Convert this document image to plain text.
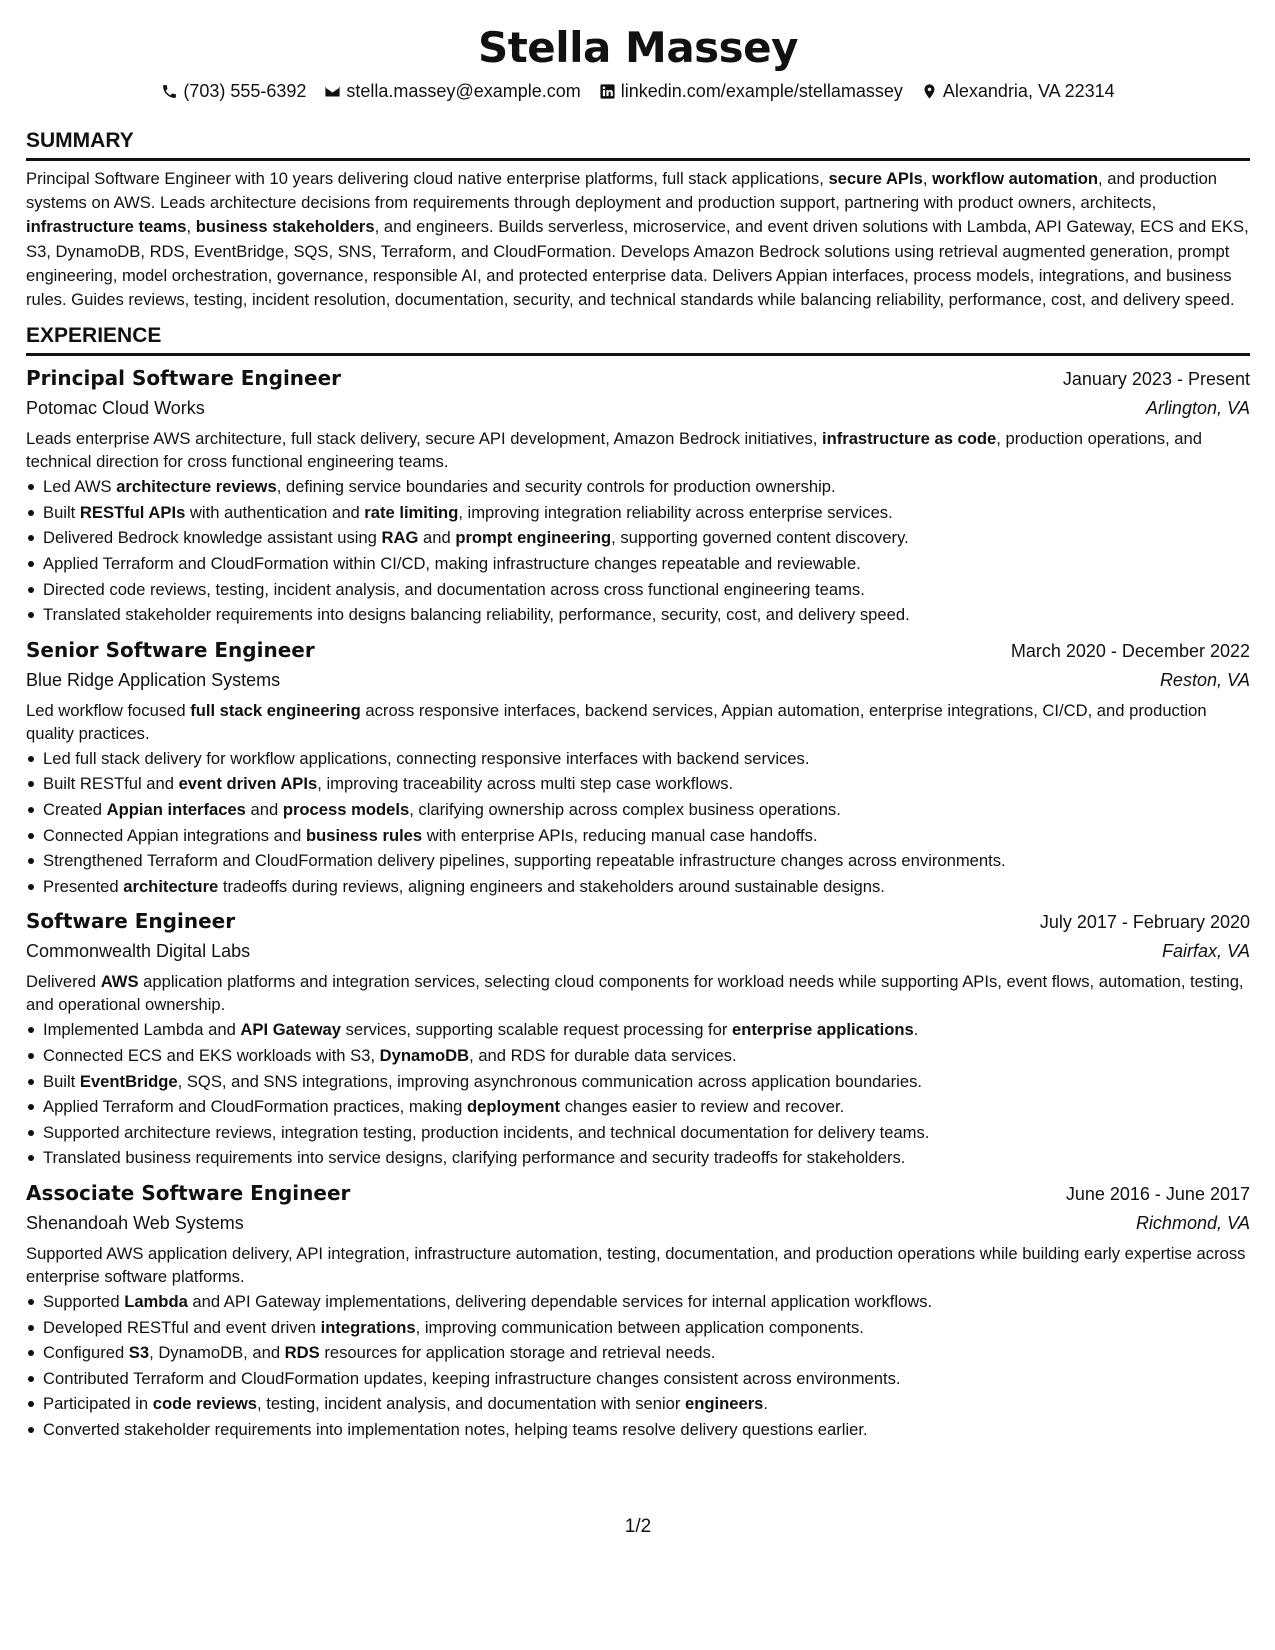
Stella Massey
(703) 555-6392 stella.massey@example.com linkedin.com/example/stellamassey Alexandria, VA 22314
SUMMARY
Principal Software Engineer with 10 years delivering cloud native enterprise platforms, full stack applications, secure APIs, workflow automation, and production systems on AWS. Leads architecture decisions from requirements through deployment and production support, partnering with product owners, architects, infrastructure teams, business stakeholders, and engineers. Builds serverless, microservice, and event driven solutions with Lambda, API Gateway, ECS and EKS, S3, DynamoDB, RDS, EventBridge, SQS, SNS, Terraform, and CloudFormation. Develops Amazon Bedrock solutions using retrieval augmented generation, prompt engineering, model orchestration, governance, responsible AI, and protected enterprise data. Delivers Appian interfaces, process models, integrations, and business rules. Guides reviews, testing, incident resolution, documentation, security, and technical standards while balancing reliability, performance, cost, and delivery speed.
EXPERIENCE
Principal Software Engineer	January 2023 - Present
Potomac Cloud Works	Arlington, VA
Leads enterprise AWS architecture, full stack delivery, secure API development, Amazon Bedrock initiatives, infrastructure as code, production operations, and technical direction for cross functional engineering teams.
Led AWS architecture reviews, defining service boundaries and security controls for production ownership.
Built RESTful APIs with authentication and rate limiting, improving integration reliability across enterprise services.
Delivered Bedrock knowledge assistant using RAG and prompt engineering, supporting governed content discovery.
Applied Terraform and CloudFormation within CI/CD, making infrastructure changes repeatable and reviewable.
Directed code reviews, testing, incident analysis, and documentation across cross functional engineering teams.
Translated stakeholder requirements into designs balancing reliability, performance, security, cost, and delivery speed.
Senior Software Engineer	March 2020 - December 2022
Blue Ridge Application Systems	Reston, VA
Led workflow focused full stack engineering across responsive interfaces, backend services, Appian automation, enterprise integrations, CI/CD, and production quality practices.
Led full stack delivery for workflow applications, connecting responsive interfaces with backend services.
Built RESTful and event driven APIs, improving traceability across multi step case workflows.
Created Appian interfaces and process models, clarifying ownership across complex business operations.
Connected Appian integrations and business rules with enterprise APIs, reducing manual case handoffs.
Strengthened Terraform and CloudFormation delivery pipelines, supporting repeatable infrastructure changes across environments.
Presented architecture tradeoffs during reviews, aligning engineers and stakeholders around sustainable designs.
Software Engineer	July 2017 - February 2020
Commonwealth Digital Labs	Fairfax, VA
Delivered AWS application platforms and integration services, selecting cloud components for workload needs while supporting APIs, event flows, automation, testing, and operational ownership.
Implemented Lambda and API Gateway services, supporting scalable request processing for enterprise applications.
Connected ECS and EKS workloads with S3, DynamoDB, and RDS for durable data services.
Built EventBridge, SQS, and SNS integrations, improving asynchronous communication across application boundaries.
Applied Terraform and CloudFormation practices, making deployment changes easier to review and recover.
Supported architecture reviews, integration testing, production incidents, and technical documentation for delivery teams.
Translated business requirements into service designs, clarifying performance and security tradeoffs for stakeholders.
Associate Software Engineer	June 2016 - June 2017
Shenandoah Web Systems	Richmond, VA
Supported AWS application delivery, API integration, infrastructure automation, testing, documentation, and production operations while building early expertise across enterprise software platforms.
Supported Lambda and API Gateway implementations, delivering dependable services for internal application workflows.
Developed RESTful and event driven integrations, improving communication between application components.
Configured S3, DynamoDB, and RDS resources for application storage and retrieval needs.
Contributed Terraform and CloudFormation updates, keeping infrastructure changes consistent across environments.
Participated in code reviews, testing, incident analysis, and documentation with senior engineers.
Converted stakeholder requirements into implementation notes, helping teams resolve delivery questions earlier.
1/2
